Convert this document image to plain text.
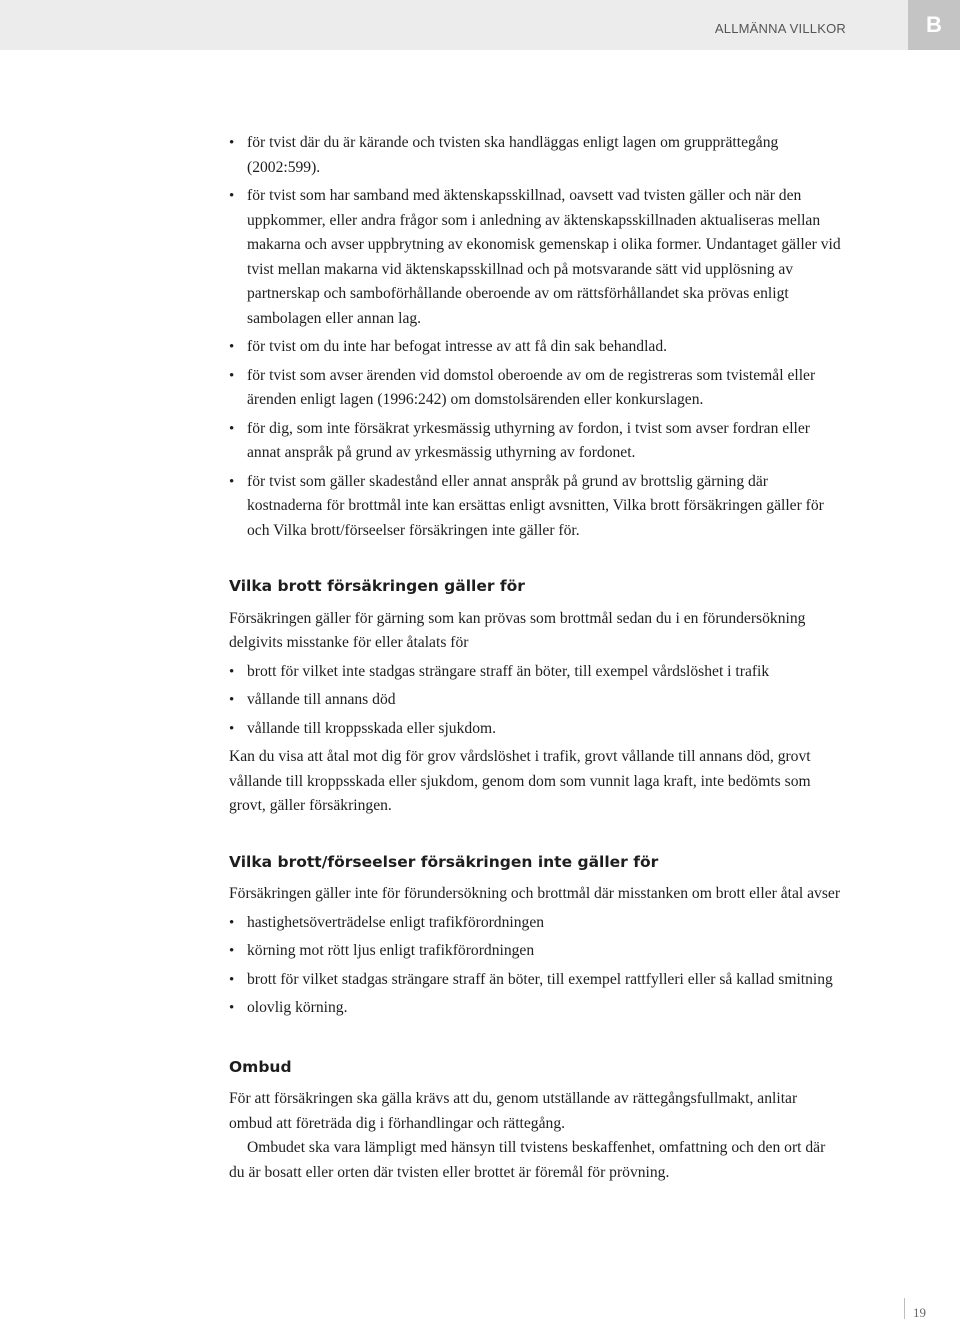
ALLMÄNNA VILLKOR	B
• för tvist där du är kärande och tvisten ska handläggas enligt lagen om grupprättegång (2002:599).
• för tvist som har samband med äktenskapsskillnad, oavsett vad tvisten gäller och när den uppkommer, eller andra frågor som i anledning av äktenskapsskillnaden aktualiseras mellan makarna och avser uppbrytning av ekonomisk gemenskap i olika former. Undantaget gäller vid tvist mellan makarna vid äktenskapsskillnad och på motsvarande sätt vid upplösning av partnerskap och samboförhållande oberoende av om rättsförhållandet ska prövas enligt sambolagen eller annan lag.
• för tvist om du inte har befogat intresse av att få din sak behandlad.
• för tvist som avser ärenden vid domstol oberoende av om de registreras som tvistemål eller ärenden enligt lagen (1996:242) om domstolsärenden eller konkurslagen.
• för dig, som inte försäkrat yrkesmässig uthyrning av fordon, i tvist som avser fordran eller annat anspråk på grund av yrkesmässig uthyrning av fordonet.
• för tvist som gäller skadestånd eller annat anspråk på grund av brottslig gärning där kostnaderna för brottmål inte kan ersättas enligt avsnitten, Vilka brott försäkringen gäller för och Vilka brott/förseelser försäkringen inte gäller för.
Vilka brott försäkringen gäller för

Försäkringen gäller för gärning som kan prövas som brottmål sedan du i en förundersökning delgivits misstanke för eller åtalats för

• brott för vilket inte stadgas strängare straff än böter, till exempel vårdslöshet i trafik
• vållande till annans död
• vållande till kroppsskada eller sjukdom.

Kan du visa att åtal mot dig för grov vårdslöshet i trafik, grovt vållande till annans död, grovt vållande till kroppsskada eller sjukdom, genom dom som vunnit laga kraft, inte bedömts som grovt, gäller försäkringen.

Vilka brott/förseelser försäkringen inte gäller för

Försäkringen gäller inte för förundersökning och brottmål där misstanken om brott eller åtal avser

• hastighetsöverträdelse enligt trafikförordningen
• körning mot rött ljus enligt trafikförordningen
• brott för vilket stadgas strängare straff än böter, till exempel rattfylleri eller så kallad smitning
• olovlig körning.
Ombud

För att försäkringen ska gälla krävs att du, genom utställande av rättegångsfullmakt, anlitar ombud att företräda dig i förhandlingar och rättegång.

Ombudet ska vara lämpligt med hänsyn till tvistens beskaffenhet, omfattning och den ort där du är bosatt eller orten där tvisten eller brottet är föremål för prövning.

19
